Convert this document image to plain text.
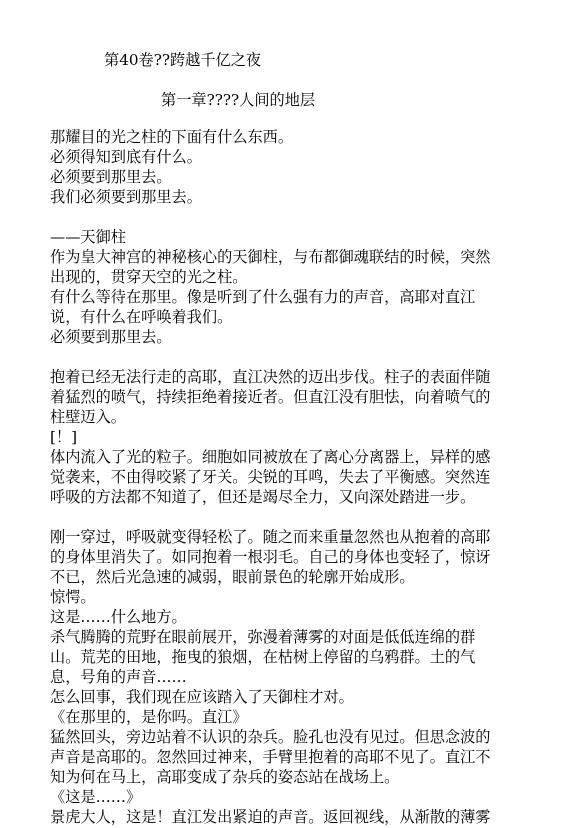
第40卷??跨越千亿之夜
第一章????人间的地层
那耀目的光之柱的下面有什么东西。
必须得知到底有什么。
必须要到那里去。
我们必须要到那里去。
——天御柱
作为皇大神宫的神秘核心的天御柱，与布都御魂联结的时候，突然
出现的，贯穿天空的光之柱。
有什么等待在那里。像是听到了什么强有力的声音，高耶对直江
说，有什么在呼唤着我们。
必须要到那里去。
抱着已经无法行走的高耶，直江决然的迈出步伐。柱子的表面伴随
着猛烈的喷气，持续拒绝着接近者。但直江没有胆怯，向着喷气的
柱壁迈入。
[！]
体内流入了光的粒子。细胞如同被放在了离心分离器上，异样的感
觉袭来，不由得咬紧了牙关。尖锐的耳鸣，失去了平衡感。突然连
呼吸的方法都不知道了，但还是竭尽全力，又向深处踏进一步。
刚一穿过，呼吸就变得轻松了。随之而来重量忽然也从抱着的高耶
的身体里消失了。如同抱着一根羽毛。自己的身体也变轻了，惊讶
不已，然后光急速的减弱，眼前景色的轮廓开始成形。
惊愕。
这是……什么地方。
杀气腾腾的荒野在眼前展开，弥漫着薄雾的对面是低低连绵的群
山。荒芜的田地，拖曳的狼烟，在枯树上停留的乌鸦群。土的气
息，号角的声音……
怎么回事，我们现在应该踏入了天御柱才对。
《在那里的，是你吗。直江》
猛然回头，旁边站着不认识的杂兵。脸孔也没有见过。但思念波的
声音是高耶的。忽然回过神来，手臂里抱着的高耶不见了。直江不
知为何在马上，高耶变成了杂兵的姿态站在战场上。
《这是……》
景虎大人，这是！直江发出紧迫的声音。返回视线，从渐散的薄雾
